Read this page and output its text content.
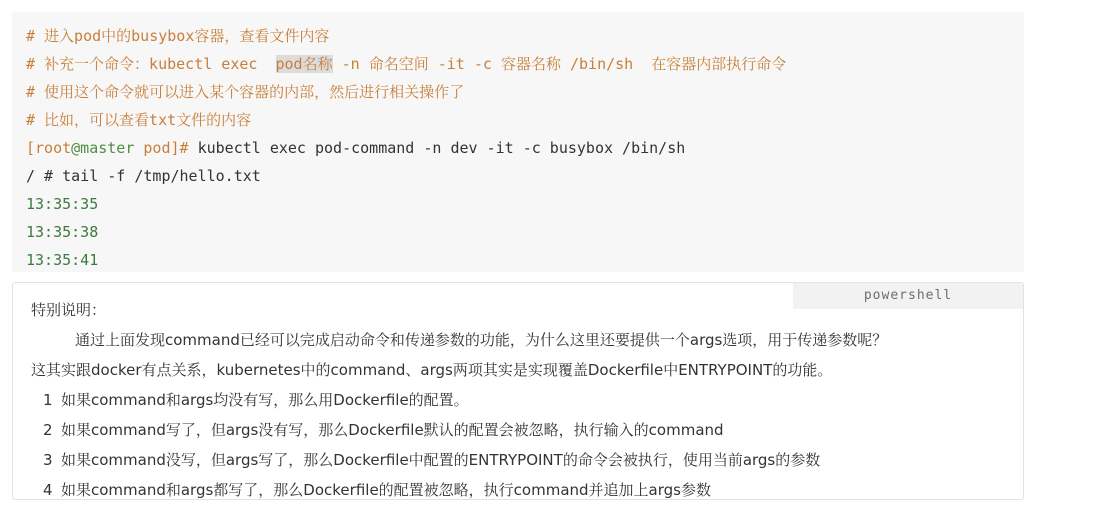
# 进入pod中的busybox容器，查看文件内容
# 补充一个命令：kubectl exec  pod名称 -n 命名空间 -it -c 容器名称 /bin/sh  在容器内部执行命令
# 使用这个命令就可以进入某个容器的内部，然后进行相关操作了
# 比如，可以查看txt文件的内容
[root@master pod]# kubectl exec pod-command -n dev -it -c busybox /bin/sh
/ # tail -f /tmp/hello.txt
13:35:35
13:35:38
13:35:41
powershell
特别说明：
通过上面发现command已经可以完成启动命令和传递参数的功能，为什么这里还要提供一个args选项，用于传递参数呢？
这其实跟docker有点关系，kubernetes中的command、args两项其实是实现覆盖Dockerfile中ENTRYPOINT的功能。
1 如果command和args均没有写，那么用Dockerfile的配置。
2 如果command写了，但args没有写，那么Dockerfile默认的配置会被忽略，执行输入的command
3 如果command没写，但args写了，那么Dockerfile中配置的ENTRYPOINT的命令会被执行，使用当前args的参数
4 如果command和args都写了，那么Dockerfile的配置被忽略，执行command并追加上args参数
